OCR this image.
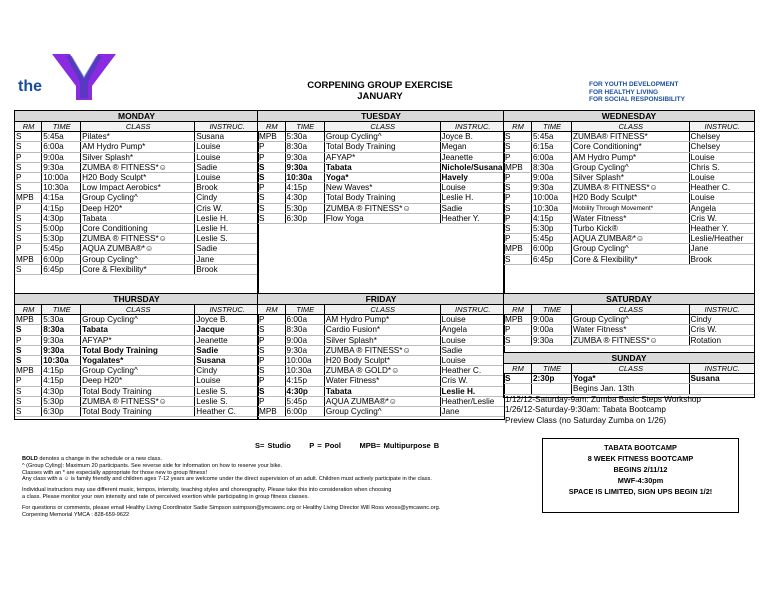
the	CORPENING GROUP EXERCISE
JANUARY
FOR YOUTH DEVELOPMENT
FOR HEALTHY LIVING
FOR SOCIAL RESPONSIBILITY
MONDAY
RM	TIME	CLASS	INSTRUC.
S	5:45a	Pilates*	Susana
S	6:00a	AM Hydro Pump*	Louise
P	9:00a	Silver Splash*	Louise
S	9:30a	ZUMBA ® FITNESS*☺	Sadie
P	10:00a	H20 Body Sculpt*	Louise
S	10:30a	Low Impact Aerobics*	Brook
MPB	4:15a	Group Cycling^	Cindy
P	4:15p	Deep H20*	Cris W.
S	4:30p	Tabata	Leslie H.
S	5:00p	Core Conditioning	Leslie H.
S	5:30p	ZUMBA ® FITNESS*☺	Leslie S.
P	5:45p	AQUA ZUMBA®*☺	Sadie
MPB	6:00p	Group Cycling^	Jane
S	6:45p	Core & Flexibility*	Brook
TUESDAY
RM	TIME	CLASS	INSTRUC.
MPB	5:30a	Group Cycling^	Joyce B.
P	8:30a	Total Body Training	Megan
P	9:30a	AFYAP*	Jeanette
S	9:30a	Tabata	Nichole/Susana
S	10:30a	Yoga*	Havely
P	4:15p	New Waves*	Louise
S	4:30p	Total Body Training	Leslie H.
S	5:30p	ZUMBA ® FITNESS*☺	Sadie
S	6:30p	Flow Yoga	Heather Y.
WEDNESDAY
RM	TIME	CLASS	INSTRUC.
S	5:45a	ZUMBA® FITNESS*	Chelsey
S	6:15a	Core Conditioning*	Chelsey
P	6:00a	AM Hydro Pump*	Louise
MPB	8:30a	Group Cycling^	Chris S.
P	9:00a	Silver Splash*	Louise
S	9:30a	ZUMBA ® FITNESS*☺	Heather C.
P	10:00a	H20 Body Sculpt*	Louise
S	10:30a	Mobility Through Movement*	Angela
P	4:15p	Water Fitness*	Cris W.
S	5:30p	Turbo Kick®	Heather Y.
P	5:45p	AQUA ZUMBA®*☺	Leslie/Heather
MPB	6:00p	Group Cycling^	Jane
S	6:45p	Core & Flexibility*	Brook
THURSDAY
RM	TIME	CLASS	INSTRUC.
MPB	5:30a	Group Cycling^	Joyce B.
S	8:30a	Tabata	Jacque
P	9:30a	AFYAP*	Jeanette
S	9:30a	Total Body Training	Sadie
S	10:30a	Yogalates*	Susana
MPB	4:15p	Group Cycling^	Cindy
P	4:15p	Deep H20*	Louise
S	4:30p	Total Body Training	Leslie S.
S	5:30p	ZUMBA ® FITNESS*☺	Leslie S.
S	6:30p	Total Body Training	Heather C.
FRIDAY
RM	TIME	CLASS	INSTRUC.
P	6:00a	AM Hydro Pump*	Louise
S	8:30a	Cardio Fusion*	Angela
P	9:00a	Silver Splash*	Louise
S	9:30a	ZUMBA ® FITNESS*☺	Sadie
P	10:00a	H20 Body Sculpt*	Louise
S	10:30a	ZUMBA ® GOLD*☺	Heather C.
P	4:15p	Water Fitness*	Cris W.
S	4:30p	Tabata	Leslie H.
P	5:45p	AQUA ZUMBA®*☺	Heather/Leslie
MPB	6:00p	Group Cycling^	Jane
SATURDAY
RM	TIME	CLASS	INSTRUC.
MPB	9:00a	Group Cycling^	Cindy
P	9:00a	Water Fitness*	Cris W.
S	9:30a	ZUMBA ® FITNESS*☺	Rotation
SUNDAY
RM	TIME	CLASS	INSTRUC.
S	2:30p	Yoga*	Susana
		Begins Jan. 13th	
1/12/12-Saturday-9am: Zumba Basic Steps Workshop
1/26/12-Saturday-9:30am: Tabata Bootcamp
Preview Class (no Saturday Zumba on 1/26)
S= Studio      P = Pool      MPB= Multipurpose B

BOLD denotes a change in the schedule or a new class.
^ (Group Cyling): Maximum 20 participants. See reverse side for information on how to reserve your bike.
Classes with an * are especially appropriate for those new to group fitness!
Any class with a ☺ is family friendly and children ages 7-12 years are welcome under the direct supervision of an adult. Children must actively participate in the class.

Individual instructors may use different music, tempos, intensity, teaching styles and choreography. Please take this into consideration when choosing
a class. Please monitor your own intensity and rate of perceived exertion while participating in group fitness classes.

For questions or comments, please email Healthy Living Coordinator Sadie Simpson ssimpson@ymcawnc.org or Healthy Living Director Will Ross wross@ymcawnc.org.
Corpening Memorial YMCA : 828-659-9622

TABATA BOOTCAMP
8 WEEK FITNESS BOOTCAMP
BEGINS 2/11/12
MWF-4:30pm
SPACE IS LIMITED, SIGN UPS BEGIN 1/2!
